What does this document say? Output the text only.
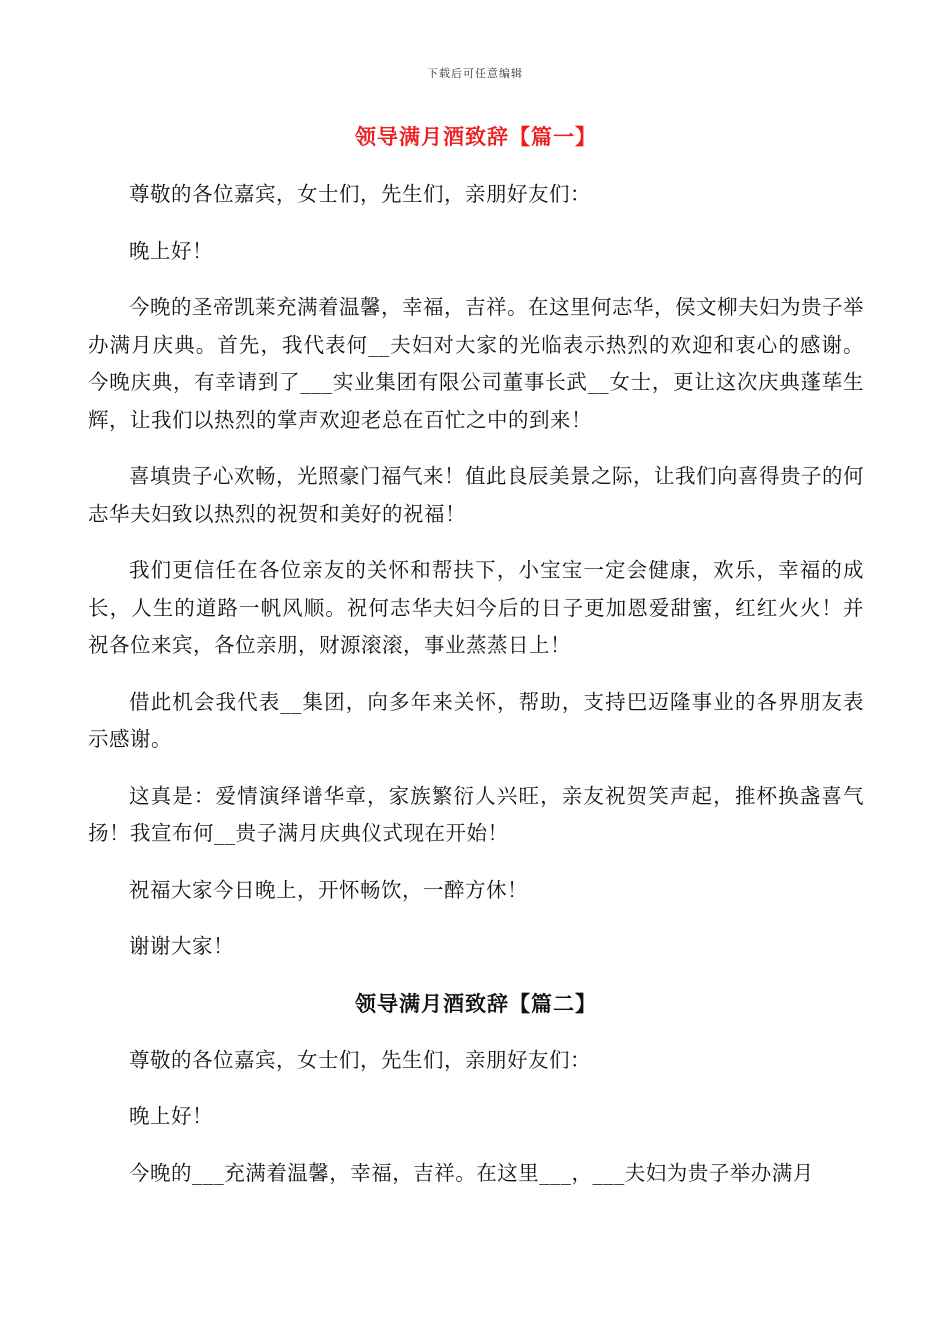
下载后可任意编辑
领导满月酒致辞【篇一】

尊敬的各位嘉宾，女士们，先生们，亲朋好友们：

晚上好！

今晚的圣帝凯莱充满着温馨，幸福，吉祥。在这里何志华，侯文柳夫妇为贵子举办满月庆典。首先，我代表何__夫妇对大家的光临表示热烈的欢迎和衷心的感谢。今晚庆典，有幸请到了___实业集团有限公司董事长武__女士，更让这次庆典蓬荜生辉，让我们以热烈的掌声欢迎老总在百忙之中的到来！

喜填贵子心欢畅，光照豪门福气来！值此良辰美景之际，让我们向喜得贵子的何志华夫妇致以热烈的祝贺和美好的祝福！

我们更信任在各位亲友的关怀和帮扶下，小宝宝一定会健康，欢乐，幸福的成长，人生的道路一帆风顺。祝何志华夫妇今后的日子更加恩爱甜蜜，红红火火！并祝各位来宾，各位亲朋，财源滚滚，事业蒸蒸日上！

借此机会我代表__集团，向多年来关怀，帮助，支持巴迈隆事业的各界朋友表示感谢。

这真是：爱情演绎谱华章，家族繁衍人兴旺，亲友祝贺笑声起，推杯换盏喜气扬！我宣布何__贵子满月庆典仪式现在开始！

祝福大家今日晚上，开怀畅饮，一醉方休！

谢谢大家！

领导满月酒致辞【篇二】

尊敬的各位嘉宾，女士们，先生们，亲朋好友们：

晚上好！

今晚的___充满着温馨，幸福，吉祥。在这里___，___夫妇为贵子举办满月
